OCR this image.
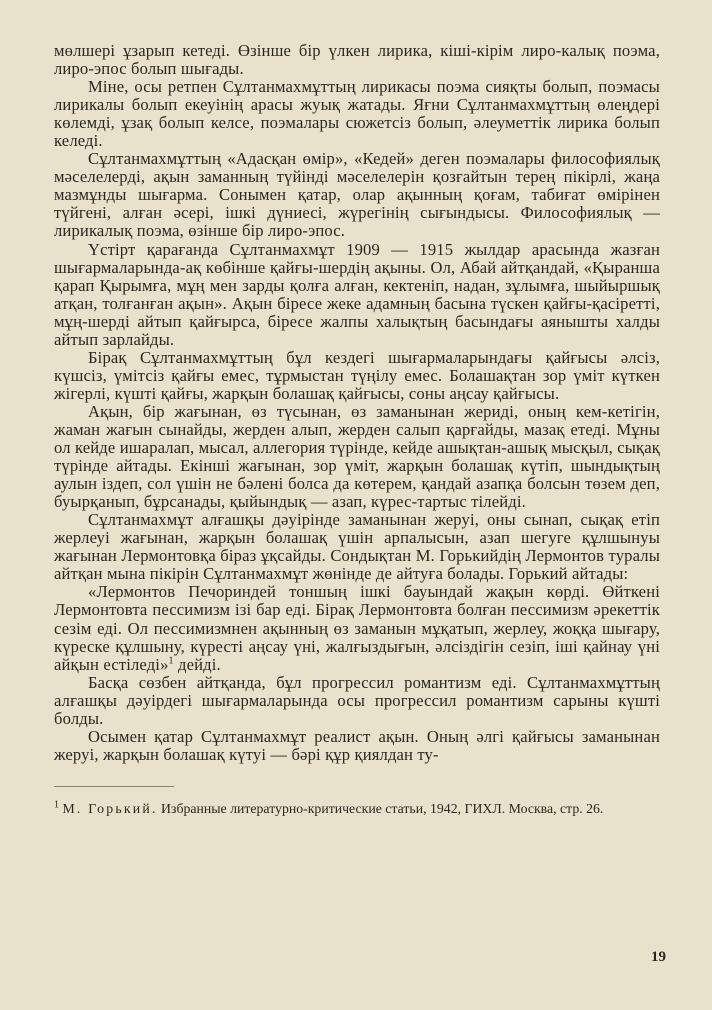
мөлшері ұзарып кетеді. Өзінше бір үлкен лирика, кіші-кірім лиро-калық поэма, лиро-эпос болып шығады.

Міне, осы ретпен Сұлтанмахмұттың лирикасы поэма сияқты болып, поэмасы лирикалы болып екеуінің арасы жуық жатады. Яғни Сұлтанмахмұттың өлеңдері көлемді, ұзақ болып келсе, поэмалары сюжетсіз болып, әлеуметтік лирика болып келеді.

Сұлтанмахмұттың «Адасқан өмір», «Кедей» деген поэмалары философиялық мәселелерді, ақын заманның түйінді мәселелерін қозғайтын терең пікірлі, жаңа мазмұнды шығарма. Сонымен қатар, олар ақынның қоғам, табиғат өмірінен түйгені, алған әсері, ішкі дүниесі, жүрегінің сығындысы. Философиялық — лирикалық поэма, өзінше бір лиро-эпос.

Үстірт қарағанда Сұлтанмахмұт 1909 — 1915 жылдар арасында жазған шығармаларында-ақ көбінше қайғы-шердің ақыны. Ол, Абай айтқандай, «Қыранша қарап Қырымға, мұң мен зарды қолға алған, кектеніп, надан, зұлымға, шыйыршық атқан, толғанған ақын». Ақын біресе жеке адамның басына түскен қайғы-қасіретті, мұң-шерді айтып қайғырса, біресе жалпы халықтың басындағы аянышты халды айтып зарлайды.

Бірақ Сұлтанмахмұттың бұл кездегі шығармаларындағы қайғысы әлсіз, күшсіз, үмітсіз қайғы емес, тұрмыстан түңілу емес. Болашақтан зор үміт күткен жігерлі, күшті қайғы, жарқын болашақ қайғысы, соны аңсау қайғысы.

Ақын, бір жағынан, өз түсынан, өз заманынан жериді, оның кем-кетігін, жаман жағын сынайды, жерден алып, жерден салып қарғайды, мазақ етеді. Мұны ол кейде ишаралап, мысал, аллегория түрінде, кейде ашықтан-ашық мысқыл, сықақ түрінде айтады. Екінші жағынан, зор үміт, жарқын болашақ күтіп, шындықтың аулын іздеп, сол үшін не бәлені болса да көтерем, қандай азапқа болсын төзем деп, буырқанып, бұрсанады, қыйындық — азап, күрес-тартыс тілейді.

Сұлтанмахмұт алғашқы дәуірінде заманынан жеруі, оны сынап, сықақ етіп жерлеуі жағынан, жарқын болашақ үшін арпалысын, азап шегуге құлшынуы жағынан Лермонтовқа біраз ұқсайды. Сондықтан М. Горькийдің Лермонтов туралы айтқан мына пікірін Сұлтанмахмұт жөнінде де айтуға болады. Горький айтады:

«Лермонтов Печориндей тоншың ішкі бауындай жақын көрді. Өйткені Лермонтовта пессимизм ізі бар еді. Бірақ Лермонтовта болған пессимизм әрекеттік сезім еді. Ол пессимизмнен ақынның өз заманын мұқатып, жерлеу, жоққа шығару, күреске құлшыну, күресті аңсау үні, жалғыздығын, әлсіздігін сезіп, іші қайнау үні айқын естіледі»$^1$ дейді.

Басқа сөзбен айтқанда, бұл прогрессил романтизм еді. Сұлтанмахмұттың алғашқы дәуірдегі шығармаларында осы прогрессил романтизм сарыны күшті болды.

Осымен қатар Сұлтанмахмұт реалист ақын. Оның әлгі қайғысы заманынан жеруі, жарқын болашақ күтуі — бәрі құр қиялдан ту-

$^1$ М. Горький. Избранные литературно-критические статьи, 1942, ГИХЛ. Москва, стр. 26.
19
